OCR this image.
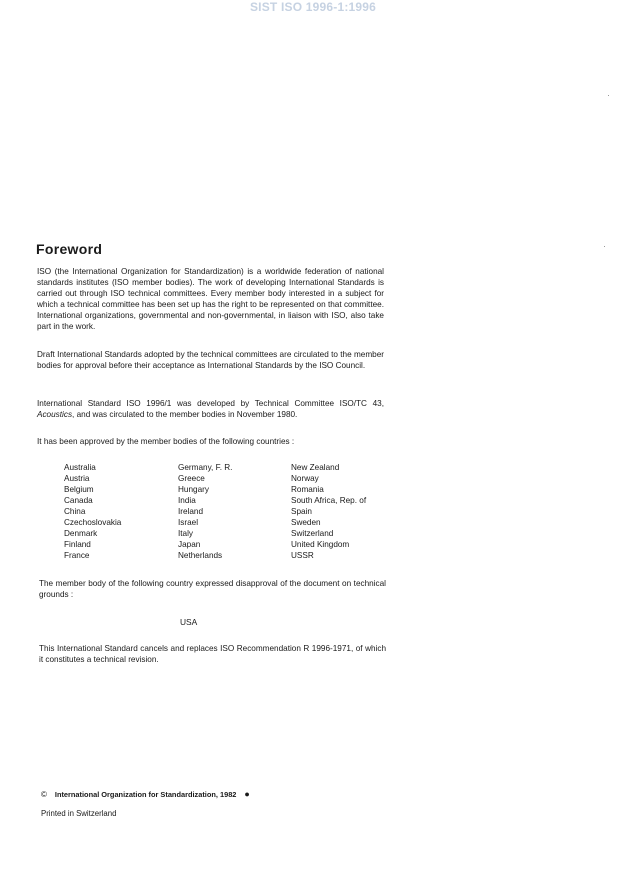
SIST ISO 1996-1:1996
Foreword

ISO (the International Organization for Standardization) is a worldwide federation of national standards institutes (ISO member bodies). The work of developing International Standards is carried out through ISO technical committees. Every member body interested in a subject for which a technical committee has been set up has the right to be represented on that committee. International organizations, governmental and non-governmental, in liaison with ISO, also take part in the work.

Draft International Standards adopted by the technical committees are circulated to the member bodies for approval before their acceptance as International Standards by the ISO Council.

International Standard ISO 1996/1 was developed by Technical Committee ISO/TC 43, Acoustics, and was circulated to the member bodies in November 1980.

It has been approved by the member bodies of the following countries :

Australia
Austria
Belgium
Canada
China
Czechoslovakia
Denmark
Finland
France
Germany, F. R.
Greece
Hungary
India
Ireland
Israel
Italy
Japan
Netherlands
New Zealand
Norway
Romania
South Africa, Rep. of
Spain
Sweden
Switzerland
United Kingdom
USSR

The member body of the following country expressed disapproval of the document on technical grounds :

USA

This International Standard cancels and replaces ISO Recommendation R 1996-1971, of which it constitutes a technical revision.

© International Organization for Standardization, 1982 ●
Printed in Switzerland
